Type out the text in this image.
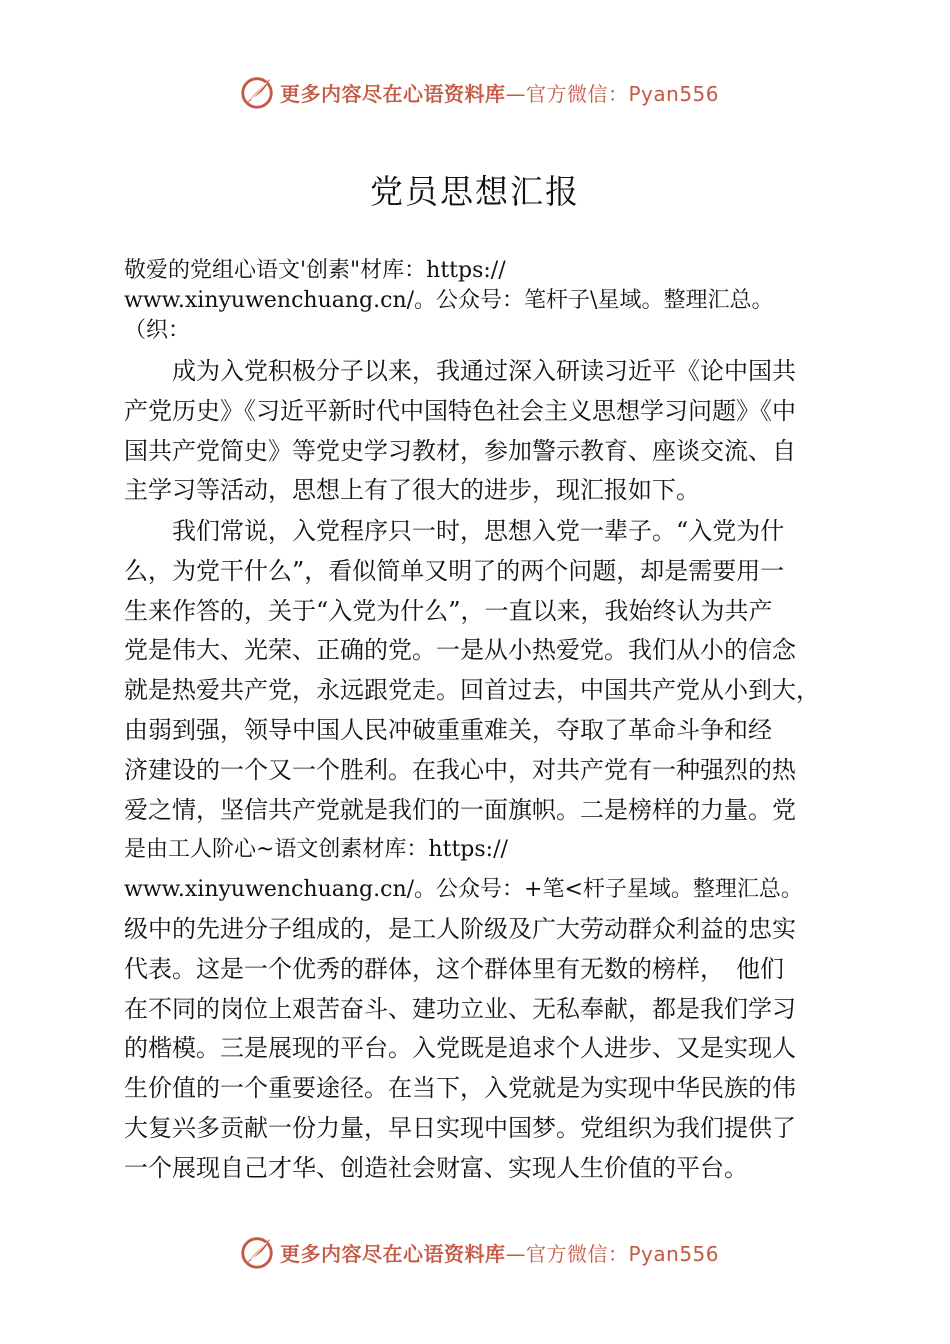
更多内容尽在心语资料库—官方微信：Pyan556
党员思想汇报
敬爱的党组心语文'创素"材库：https://
www.xinyuwenchuang.cn/。公众号：笔杆子\星域。整理汇总。
（织：
　　成为入党积极分子以来，我通过深入研读习近平《论中国共
产党历史》《习近平新时代中国特色社会主义思想学习问题》《中
国共产党简史》等党史学习教材，参加警示教育、座谈交流、自
主学习等活动，思想上有了很大的进步，现汇报如下。
　　我们常说，入党程序只一时，思想入党一辈子。“入党为什
么，为党干什么”，看似简单又明了的两个问题，却是需要用一
生来作答的，关于“入党为什么”，一直以来，我始终认为共产
党是伟大、光荣、正确的党。一是从小热爱党。我们从小的信念
就是热爱共产党，永远跟党走。回首过去，中国共产党从小到大，
由弱到强，领导中国人民冲破重重难关，夺取了革命斗争和经
济建设的一个又一个胜利。在我心中，对共产党有一种强烈的热
爱之情，坚信共产党就是我们的一面旗帜。二是榜样的力量。党
是由工人阶心~语文创素材库：https://
www.xinyuwenchuang.cn/。公众号：+笔<杆子星域。整理汇总。
级中的先进分子组成的，是工人阶级及广大劳动群众利益的忠实
代表。这是一个优秀的群体，这个群体里有无数的榜样，　他们
在不同的岗位上艰苦奋斗、建功立业、无私奉献，都是我们学习
的楷模。三是展现的平台。入党既是追求个人进步、又是实现人
生价值的一个重要途径。在当下，入党就是为实现中华民族的伟
大复兴多贡献一份力量，早日实现中国梦。党组织为我们提供了
一个展现自己才华、创造社会财富、实现人生价值的平台。
更多内容尽在心语资料库—官方微信：Pyan556
